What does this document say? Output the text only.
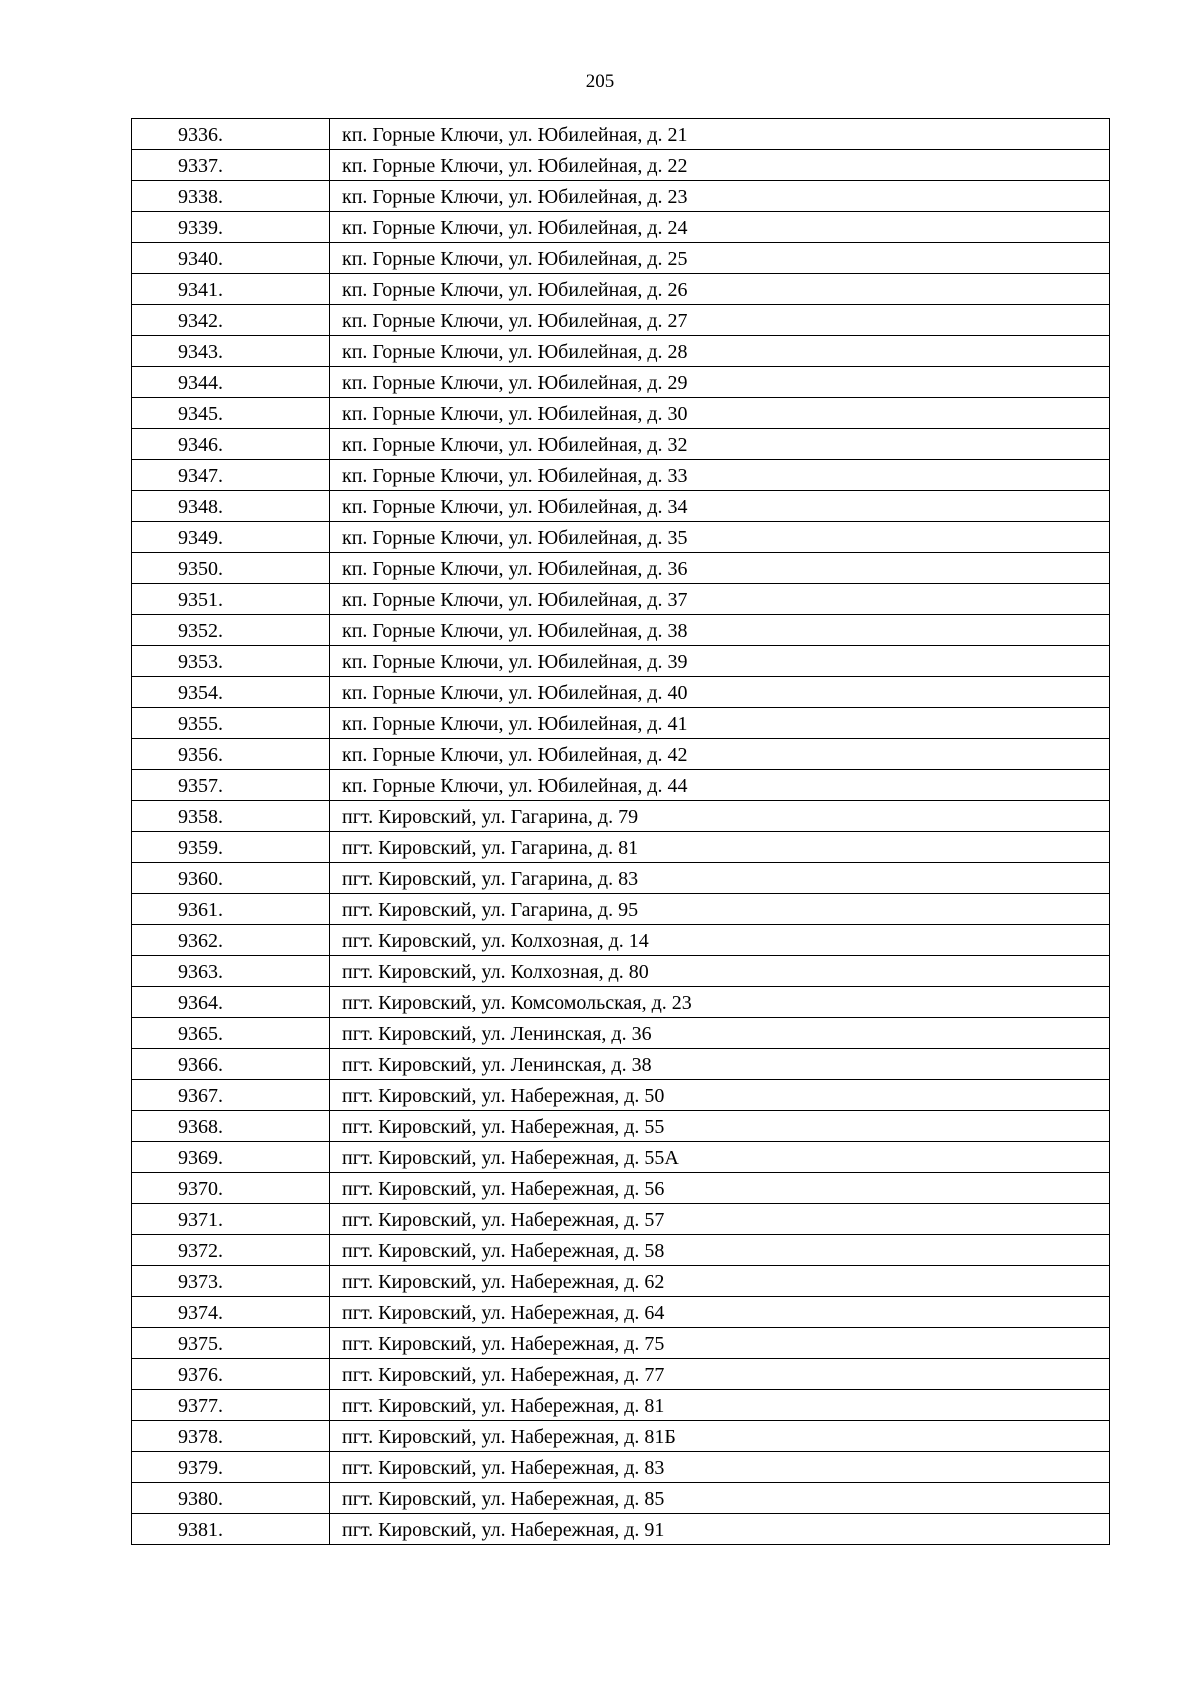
205
9336.	кп. Горные Ключи, ул. Юбилейная, д. 21
9337.	кп. Горные Ключи, ул. Юбилейная, д. 22
9338.	кп. Горные Ключи, ул. Юбилейная, д. 23
9339.	кп. Горные Ключи, ул. Юбилейная, д. 24
9340.	кп. Горные Ключи, ул. Юбилейная, д. 25
9341.	кп. Горные Ключи, ул. Юбилейная, д. 26
9342.	кп. Горные Ключи, ул. Юбилейная, д. 27
9343.	кп. Горные Ключи, ул. Юбилейная, д. 28
9344.	кп. Горные Ключи, ул. Юбилейная, д. 29
9345.	кп. Горные Ключи, ул. Юбилейная, д. 30
9346.	кп. Горные Ключи, ул. Юбилейная, д. 32
9347.	кп. Горные Ключи, ул. Юбилейная, д. 33
9348.	кп. Горные Ключи, ул. Юбилейная, д. 34
9349.	кп. Горные Ключи, ул. Юбилейная, д. 35
9350.	кп. Горные Ключи, ул. Юбилейная, д. 36
9351.	кп. Горные Ключи, ул. Юбилейная, д. 37
9352.	кп. Горные Ключи, ул. Юбилейная, д. 38
9353.	кп. Горные Ключи, ул. Юбилейная, д. 39
9354.	кп. Горные Ключи, ул. Юбилейная, д. 40
9355.	кп. Горные Ключи, ул. Юбилейная, д. 41
9356.	кп. Горные Ключи, ул. Юбилейная, д. 42
9357.	кп. Горные Ключи, ул. Юбилейная, д. 44
9358.	пгт. Кировский, ул. Гагарина, д. 79
9359.	пгт. Кировский, ул. Гагарина, д. 81
9360.	пгт. Кировский, ул. Гагарина, д. 83
9361.	пгт. Кировский, ул. Гагарина, д. 95
9362.	пгт. Кировский, ул. Колхозная, д. 14
9363.	пгт. Кировский, ул. Колхозная, д. 80
9364.	пгт. Кировский, ул. Комсомольская, д. 23
9365.	пгт. Кировский, ул. Ленинская, д. 36
9366.	пгт. Кировский, ул. Ленинская, д. 38
9367.	пгт. Кировский, ул. Набережная, д. 50
9368.	пгт. Кировский, ул. Набережная, д. 55
9369.	пгт. Кировский, ул. Набережная, д. 55А
9370.	пгт. Кировский, ул. Набережная, д. 56
9371.	пгт. Кировский, ул. Набережная, д. 57
9372.	пгт. Кировский, ул. Набережная, д. 58
9373.	пгт. Кировский, ул. Набережная, д. 62
9374.	пгт. Кировский, ул. Набережная, д. 64
9375.	пгт. Кировский, ул. Набережная, д. 75
9376.	пгт. Кировский, ул. Набережная, д. 77
9377.	пгт. Кировский, ул. Набережная, д. 81
9378.	пгт. Кировский, ул. Набережная, д. 81Б
9379.	пгт. Кировский, ул. Набережная, д. 83
9380.	пгт. Кировский, ул. Набережная, д. 85
9381.	пгт. Кировский, ул. Набережная, д. 91
